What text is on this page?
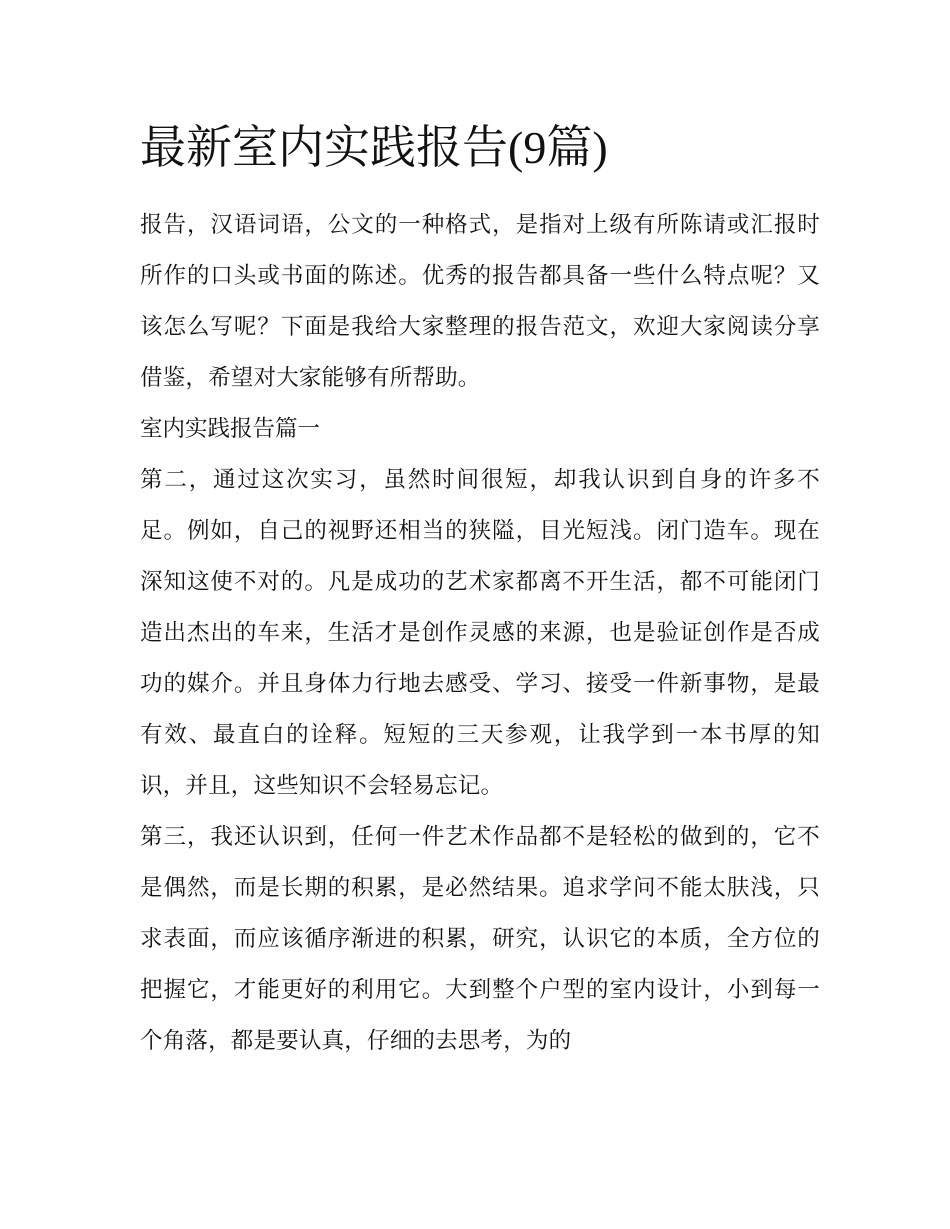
最新室内实践报告(9篇)

报告，汉语词语，公文的一种格式，是指对上级有所陈请或汇报时所作的口头或书面的陈述。优秀的报告都具备一些什么特点呢？又该怎么写呢？下面是我给大家整理的报告范文，欢迎大家阅读分享借鉴，希望对大家能够有所帮助。

室内实践报告篇一

第二，通过这次实习，虽然时间很短，却我认识到自身的许多不足。例如，自己的视野还相当的狭隘，目光短浅。闭门造车。现在深知这使不对的。凡是成功的艺术家都离不开生活，都不可能闭门造出杰出的车来，生活才是创作灵感的来源，也是验证创作是否成功的媒介。并且身体力行地去感受、学习、接受一件新事物，是最有效、最直白的诠释。短短的三天参观，让我学到一本书厚的知识，并且，这些知识不会轻易忘记。

第三，我还认识到，任何一件艺术作品都不是轻松的做到的，它不是偶然，而是长期的积累，是必然结果。追求学问不能太肤浅，只求表面，而应该循序渐进的积累，研究，认识它的本质，全方位的把握它，才能更好的利用它。大到整个户型的室内设计，小到每一个角落，都是要认真，仔细的去思考，为的
